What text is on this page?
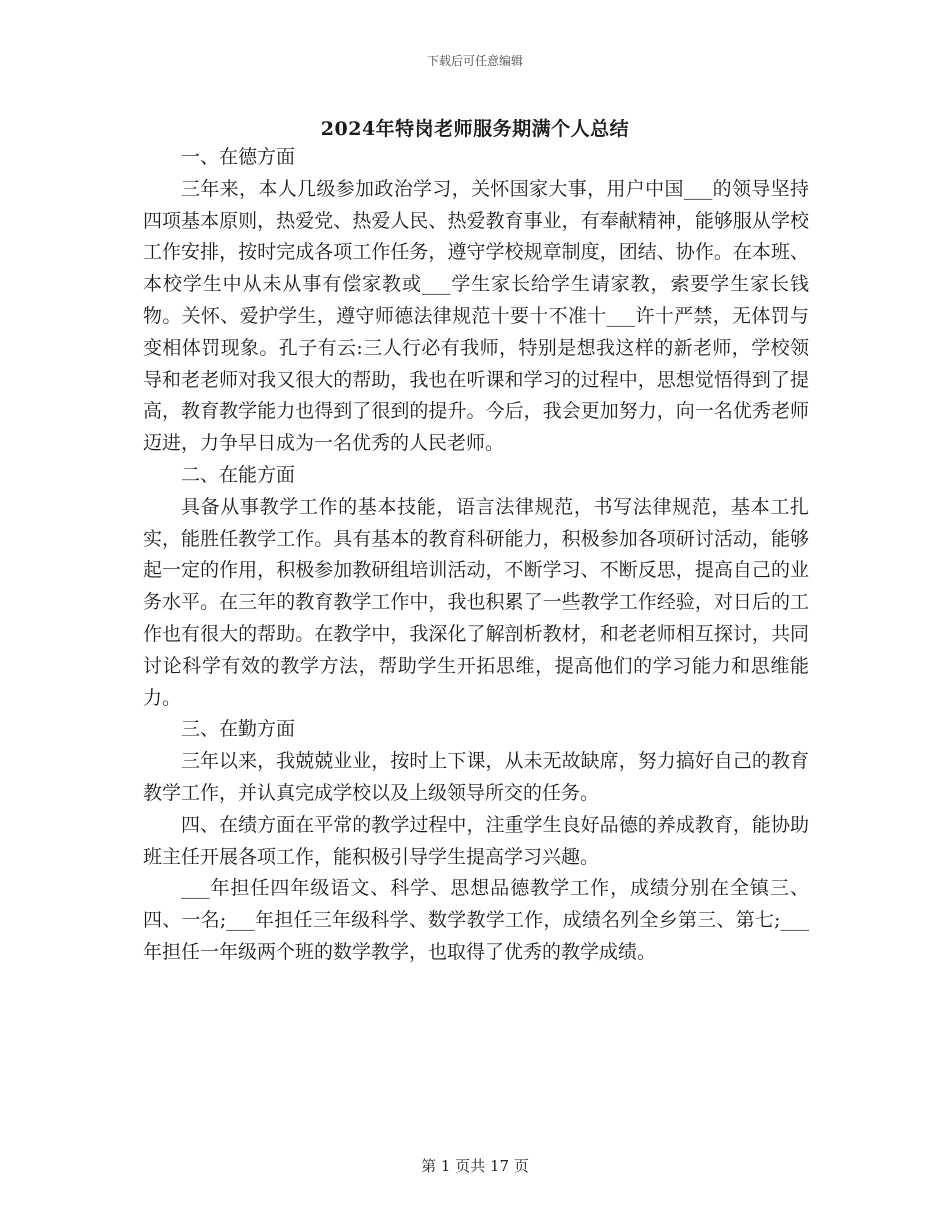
下载后可任意编辑
2024年特岗老师服务期满个人总结

一、在德方面

三年来，本人几级参加政治学习，关怀国家大事，用户中国___的领导坚持四项基本原则，热爱党、热爱人民、热爱教育事业，有奉献精神，能够服从学校工作安排，按时完成各项工作任务，遵守学校规章制度，团结、协作。在本班、本校学生中从未从事有偿家教或___学生家长给学生请家教，索要学生家长钱物。关怀、爱护学生，遵守师德法律规范十要十不准十___许十严禁，无体罚与变相体罚现象。孔子有云:三人行必有我师，特别是想我这样的新老师，学校领导和老老师对我又很大的帮助，我也在听课和学习的过程中，思想觉悟得到了提高，教育教学能力也得到了很到的提升。今后，我会更加努力，向一名优秀老师迈进，力争早日成为一名优秀的人民老师。

二、在能方面

具备从事教学工作的基本技能，语言法律规范，书写法律规范，基本工扎实，能胜任教学工作。具有基本的教育科研能力，积极参加各项研讨活动，能够起一定的作用，积极参加教研组培训活动，不断学习、不断反思，提高自己的业务水平。在三年的教育教学工作中，我也积累了一些教学工作经验，对日后的工作也有很大的帮助。在教学中，我深化了解剖析教材，和老老师相互探讨，共同讨论科学有效的教学方法，帮助学生开拓思维，提高他们的学习能力和思维能力。

三、在勤方面

三年以来，我兢兢业业，按时上下课，从未无故缺席，努力搞好自己的教育教学工作，并认真完成学校以及上级领导所交的任务。

四、在绩方面在平常的教学过程中，注重学生良好品德的养成教育，能协助班主任开展各项工作，能积极引导学生提高学习兴趣。

___年担任四年级语文、科学、思想品德教学工作，成绩分别在全镇三、四、一名;___年担任三年级科学、数学教学工作，成绩名列全乡第三、第七;___年担任一年级两个班的数学教学，也取得了优秀的教学成绩。

第 1 页共 17 页
